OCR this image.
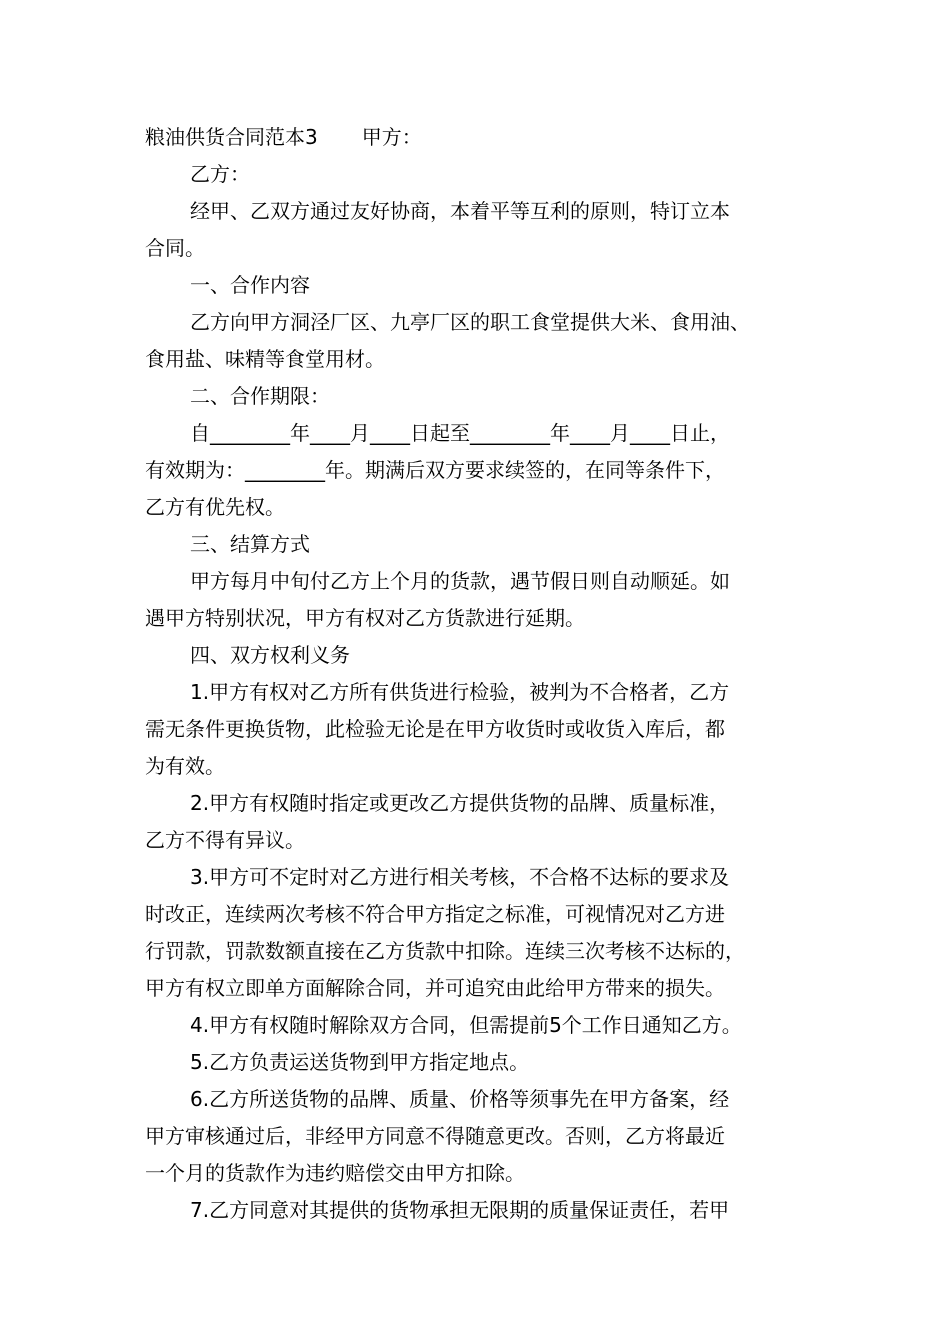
粮油供货合同范本3 甲方：

乙方：

经甲、乙双方通过友好协商，本着平等互利的原则，特订立本
合同。

一、合作内容

乙方向甲方洞泾厂区、九亭厂区的职工食堂提供大米、食用油、
食用盐、味精等食堂用材。

二、合作期限：

自________年____月____日起至________年____月____日止，
有效期为：________年。期满后双方要求续签的，在同等条件下，
乙方有优先权。

三、结算方式

甲方每月中旬付乙方上个月的货款，遇节假日则自动顺延。如
遇甲方特别状况，甲方有权对乙方货款进行延期。

四、双方权利义务

1.甲方有权对乙方所有供货进行检验，被判为不合格者，乙方
需无条件更换货物，此检验无论是在甲方收货时或收货入库后，都
为有效。

2.甲方有权随时指定或更改乙方提供货物的品牌、质量标准，
乙方不得有异议。

3.甲方可不定时对乙方进行相关考核，不合格不达标的要求及
时改正，连续两次考核不符合甲方指定之标准，可视情况对乙方进
行罚款，罚款数额直接在乙方货款中扣除。连续三次考核不达标的，
甲方有权立即单方面解除合同，并可追究由此给甲方带来的损失。

4.甲方有权随时解除双方合同，但需提前5个工作日通知乙方。

5.乙方负责运送货物到甲方指定地点。

6.乙方所送货物的品牌、质量、价格等须事先在甲方备案，经
甲方审核通过后，非经甲方同意不得随意更改。否则，乙方将最近
一个月的货款作为违约赔偿交由甲方扣除。

7.乙方同意对其提供的货物承担无限期的质量保证责任，若甲
